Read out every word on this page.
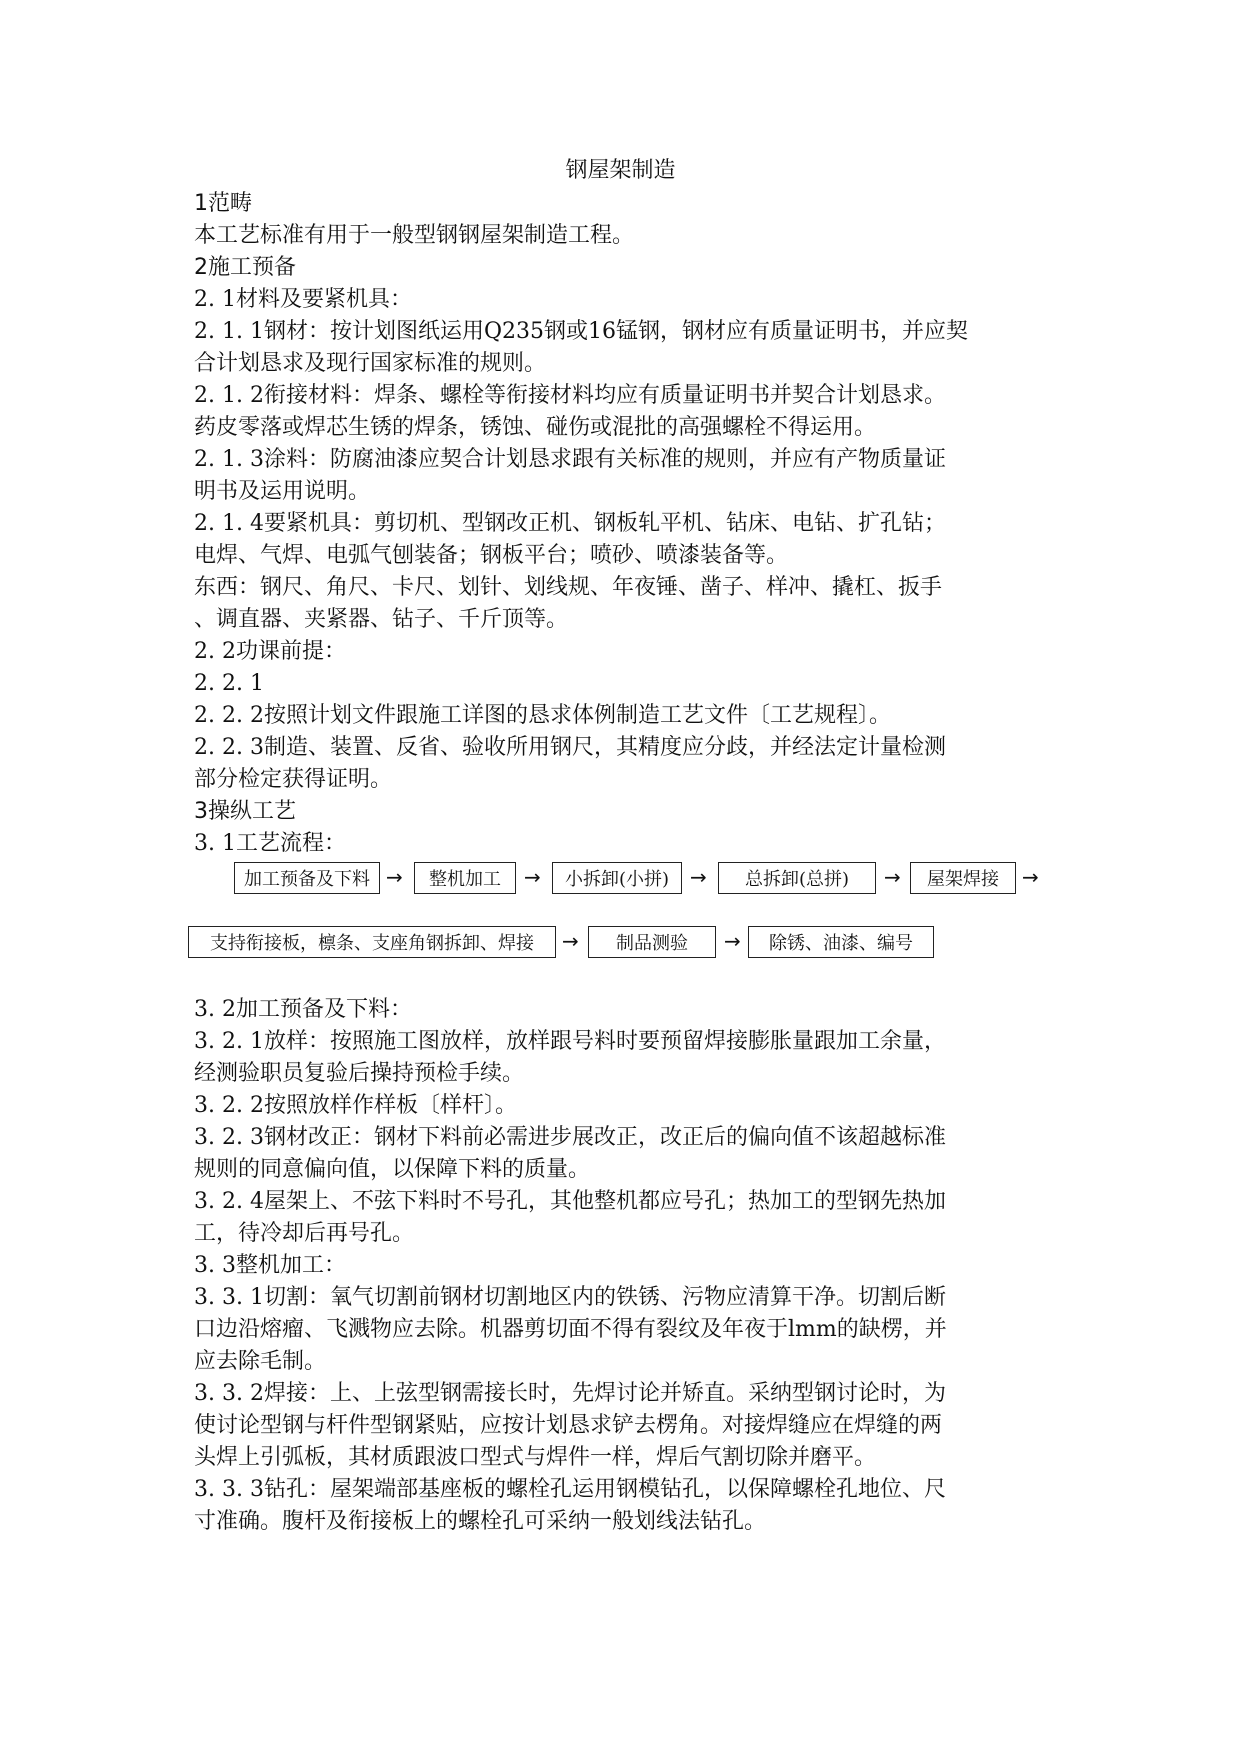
钢屋架制造
1范畴
本工艺标准有用于一般型钢钢屋架制造工程。
2施工预备
2. 1材料及要紧机具：
2. 1. 1钢材：按计划图纸运用Q235钢或16锰钢，钢材应有质量证明书，并应契
合计划恳求及现行国家标准的规则。
2. 1. 2衔接材料：焊条、螺栓等衔接材料均应有质量证明书并契合计划恳求。
药皮零落或焊芯生锈的焊条，锈蚀、碰伤或混批的高强螺栓不得运用。
2. 1. 3涂料：防腐油漆应契合计划恳求跟有关标准的规则，并应有产物质量证
明书及运用说明。
2. 1. 4要紧机具：剪切机、型钢改正机、钢板轧平机、钻床、电钻、扩孔钻；
电焊、气焊、电弧气刨装备；钢板平台；喷砂、喷漆装备等。
东西：钢尺、角尺、卡尺、划针、划线规、年夜锤、凿子、样冲、撬杠、扳手
、调直器、夹紧器、钻子、千斤顶等。
2. 2功课前提：
2. 2. 1
2. 2. 2按照计划文件跟施工详图的恳求体例制造工艺文件〔工艺规程〕。
2. 2. 3制造、装置、反省、验收所用钢尺，其精度应分歧，并经法定计量检测
部分检定获得证明。
3操纵工艺
3. 1工艺流程：
加工预备及下料 →	整机加工	→	小拆卸(小拼)	→	总拆卸(总拼)	→	屋架焊接	→
支持衔接板，檩条、支座角钢拆卸、焊接	→	制品测验	→	除锈、油漆、编号
3. 2加工预备及下料：
3. 2. 1放样：按照施工图放样，放样跟号料时要预留焊接膨胀量跟加工余量，
经测验职员复验后操持预检手续。
3. 2. 2按照放样作样板〔样杆〕。
3. 2. 3钢材改正：钢材下料前必需进步展改正，改正后的偏向值不该超越标准
规则的同意偏向值，以保障下料的质量。
3. 2. 4屋架上、不弦下料时不号孔，其他整机都应号孔；热加工的型钢先热加
工，待冷却后再号孔。
3. 3整机加工：
3. 3. 1切割：氧气切割前钢材切割地区内的铁锈、污物应清算干净。切割后断
口边沿熔瘤、飞溅物应去除。机器剪切面不得有裂纹及年夜于lmm的缺楞，并
应去除毛制。
3. 3. 2焊接：上、上弦型钢需接长时，先焊讨论并矫直。采纳型钢讨论时，为
使讨论型钢与杆件型钢紧贴，应按计划恳求铲去楞角。对接焊缝应在焊缝的两
头焊上引弧板，其材质跟波口型式与焊件一样，焊后气割切除并磨平。
3. 3. 3钻孔：屋架端部基座板的螺栓孔运用钢模钻孔，以保障螺栓孔地位、尺
寸准确。腹杆及衔接板上的螺栓孔可采纳一般划线法钻孔。
